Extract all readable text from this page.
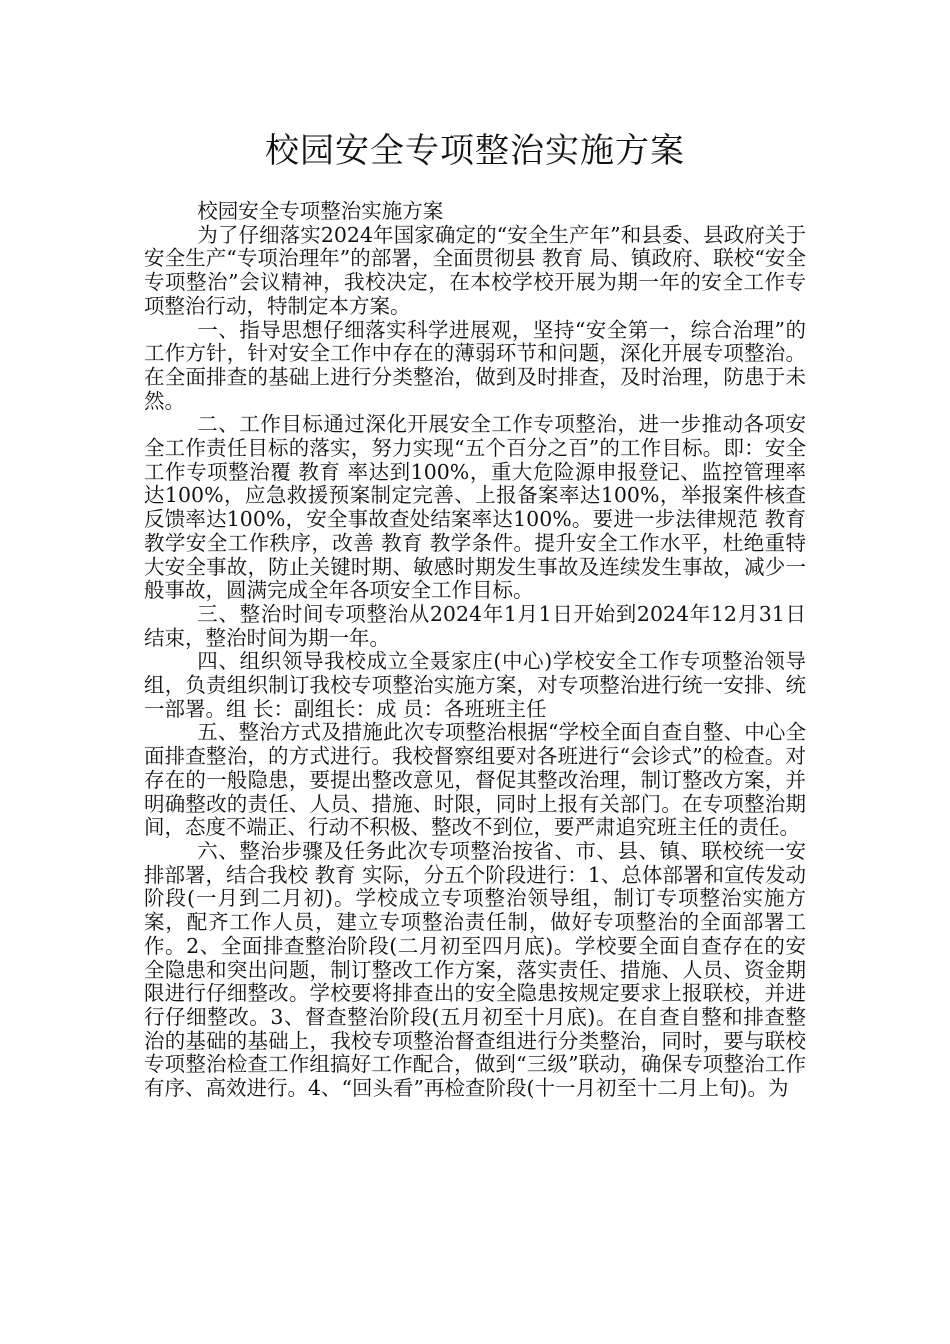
校园安全专项整治实施方案

校园安全专项整治实施方案

为了仔细落实2024年国家确定的“安全生产年”和县委、县政府关于安全生产“专项治理年”的部署，全面贯彻县 教育 局、镇政府、联校“安全专项整治”会议精神，我校决定，在本校学校开展为期一年的安全工作专项整治行动，特制定本方案。

一、指导思想仔细落实科学进展观，坚持“安全第一，综合治理”的工作方针，针对安全工作中存在的薄弱环节和问题，深化开展专项整治。在全面排查的基础上进行分类整治，做到及时排查，及时治理，防患于未然。

二、工作目标通过深化开展安全工作专项整治，进一步推动各项安全工作责任目标的落实，努力实现“五个百分之百”的工作目标。即：安全工作专项整治覆 教育 率达到100%，重大危险源申报登记、监控管理率达100%，应急救援预案制定完善、上报备案率达100%，举报案件核查反馈率达100%，安全事故查处结案率达100%。要进一步法律规范 教育 教学安全工作秩序，改善 教育 教学条件。提升安全工作水平，杜绝重特大安全事故，防止关键时期、敏感时期发生事故及连续发生事故，减少一般事故，圆满完成全年各项安全工作目标。

三、整治时间专项整治从2024年1月1日开始到2024年12月31日结束，整治时间为期一年。

四、组织领导我校成立全聂家庄(中心)学校安全工作专项整治领导组，负责组织制订我校专项整治实施方案，对专项整治进行统一安排、统一部署。组 长：副组长：成 员：各班班主任

五、整治方式及措施此次专项整治根据“学校全面自查自整、中心全面排查整治，的方式进行。我校督察组要对各班进行“会诊式”的检查。对存在的一般隐患，要提出整改意见，督促其整改治理，制订整改方案，并明确整改的责任、人员、措施、时限，同时上报有关部门。在专项整治期间，态度不端正、行动不积极、整改不到位，要严肃追究班主任的责任。

六、整治步骤及任务此次专项整治按省、市、县、镇、联校统一安排部署，结合我校 教育 实际，分五个阶段进行：1、总体部署和宣传发动阶段(一月到二月初)。学校成立专项整治领导组，制订专项整治实施方案，配齐工作人员，建立专项整治责任制，做好专项整治的全面部署工作。2、全面排查整治阶段(二月初至四月底)。学校要全面自查存在的安全隐患和突出问题，制订整改工作方案，落实责任、措施、人员、资金期限进行仔细整改。学校要将排查出的安全隐患按规定要求上报联校，并进行仔细整改。3、督查整治阶段(五月初至十月底)。在自查自整和排查整治的基础的基础上，我校专项整治督查组进行分类整治，同时，要与联校专项整治检查工作组搞好工作配合，做到“三级”联动，确保专项整治工作有序、高效进行。4、“回头看”再检查阶段(十一月初至十二月上旬)。为
